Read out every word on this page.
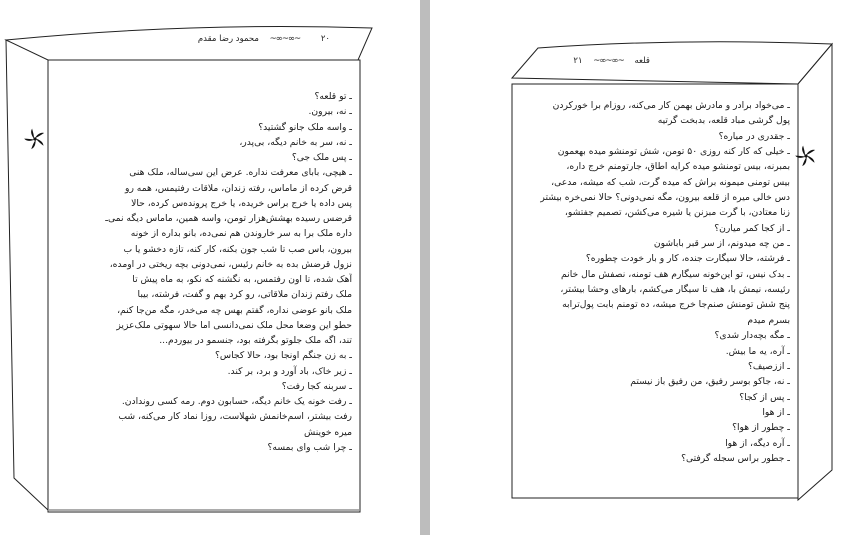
۲۰ ~∞~∞~ محمود رضا مقدم
ـ تو قلعه؟
ـ نه، بیرون.
ـ واسه ملک جانو گشتید؟
ـ نه، سر به خانم دیگه، بی‌پدر،
ـ پس ملک جی؟
ـ هیچی، بابای معرفت نداره. عرض این سی‌ساله، ملک هنی
قرض کرده از ماماس، رفته زندان، ملاقات رفتیمس، همه رو
پس داده یا خرج براس خریده، یا خرج پرونده‌س کرده، حالا
قرضس رسیده بهشش‌هزار تومن، واسه همین، ماماس دیگه نمی‌ـ
داره ملک برا به سر خاروندن هم نمی‌ده، بانو بداره از خونه
بیرون، باس صب تا شب جون بکنه، کار کنه، تازه دخشو یا ب
نزول قرضش بده به خانم رئیس، نمی‌دونی بچه ریختی در اومده،
آهک شده، تا اون رفتمس، به نگشنه که نکو، به ماه پیش تا
ملک رفتم زندان ملاقاتی، رو کرد بهم و گفت، فرشته، بیبا
ملک بانو عوضی نداره، گفتم بهس چه می‌خدر، مگه من‌جا کنم،
حطو این وضعا محل ملک نمی‌دانسی اما حالا سهوتی ملک‌عزیز
تند، اگه ملک جلوتو بگرفته بود، جنسمو در بیوردم...
ـ به زن جنگم اونجا بود، حالا کجاس؟
ـ زیر خاک، باد آورد و برد، بر کند.
ـ سربنه کجا رفت؟
ـ رفت خونه یک خانم دیگه، حسابون دوم. رمه کسی روندادن.
رفت بیشتر، اسم‌خانمش شهلاست، روزا نماد کار می‌کنه، شب
میره خوینش
ـ چرا شب وای بمسه؟
قلعه ~∞~∞~ ۲۱
ـ می‌خواد برادر و مادرش بهمن کار می‌کنه، روزام برا خورکردن
پول گرشی مباد قلعه، بدبخت گرتیه
ـ جقدری در میاره؟
ـ خیلی که کار کنه روزی ۵۰ تومن، شش تومنشو میده بهعمون
بمبرنه، بیس تومنشو میده کرایه اطاق، جارتومنم خرج داره،
بیس تومنی میمونه براش که میده گرت، شب که میشه، مدعی،
دس خالی میره از قلعه بیرون، مگه نمی‌دونی؟ حالا نمی‌خره بیشتر
زنا معتادن، با گرت مبزنن یا شیره می‌کشن، تصمیم جفتشو،
ـ از کجا کمر میارن؟
ـ من چه میدونم، از سر قبر باباشون
ـ فرشته، حالا سیگارت جنده، کار و بار خودت چطوره؟
ـ بدک نیس، تو این‌خونه سیگارم هف تومنه، نصفش مال خانم
رئیسه، نیمش با، هف تا سیگار می‌کشم، بارهای وحشا بیشتر،
پنج شش تومنش صنم‌جا خرج میشه، ده تومنم بابت پول‌ترابه
بسرم میدم
ـ مگه بچه‌دار شدی؟
ـ آره، یه ما بیش.
ـ ازز‌صیف؟
ـ نه، جاکو بوسر رفیق، من رفیق باز نیستم
ـ پس از کجا؟
ـ از هوا
ـ چطور از هوا؟
ـ آره دیگه، از هوا
ـ جطور براس سجله گرفتی؟
